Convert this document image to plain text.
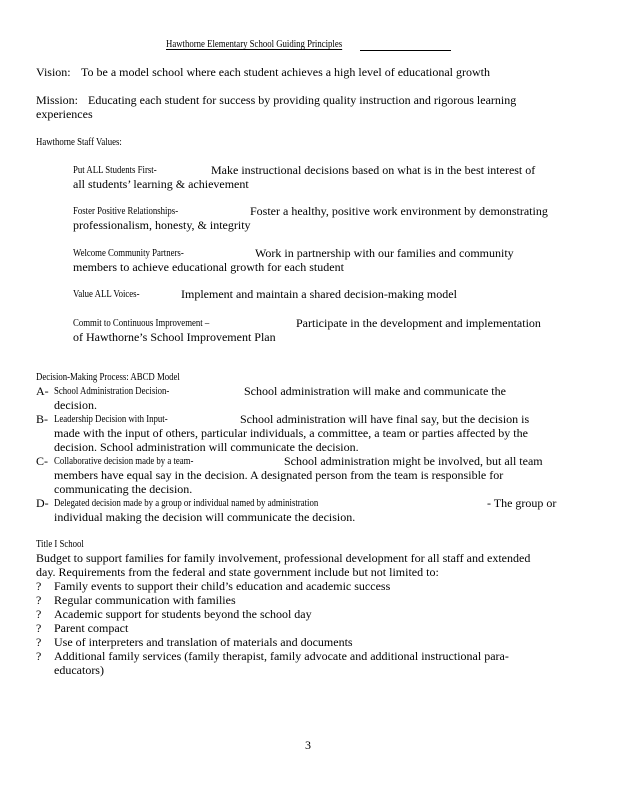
Hawthorne Elementary School Guiding Principles
Vision: To be a model school where each student achieves a high level of educational growth
Mission: Educating each student for success by providing quality instruction and rigorous learning
experiences
Hawthorne Staff Values:
Put ALL Students First-	Make instructional decisions based on what is in the best interest of
all students’ learning & achievement
Foster Positive Relationships-	Foster a healthy, positive work environment by demonstrating
professionalism, honesty, & integrity
Welcome Community Partners-	Work in partnership with our families and community
members to achieve educational growth for each student
Value ALL Voices-	Implement and maintain a shared decision-making model
Commit to Continuous Improvement –	Participate in the development and implementation
of Hawthorne’s School Improvement Plan
Decision-Making Process: ABCD Model
A- School Administration Decision-	School administration will make and communicate the
decision.
B- Leadership Decision with Input-	School administration will have final say, but the decision is
made with the input of others, particular individuals, a committee, a team or parties affected by the
decision. School administration will communicate the decision.
C- Collaborative decision made by a team-	School administration might be involved, but all team
members have equal say in the decision. A designated person from the team is responsible for
communicating the decision.
D- Delegated decision made by a group or individual named by administration	- The group or
individual making the decision will communicate the decision.
Title I School
Budget to support families for family involvement, professional development for all staff and extended
day. Requirements from the federal and state government include but not limited to:
? Family events to support their child’s education and academic success
? Regular communication with families
? Academic support for students beyond the school day
? Parent compact
? Use of interpreters and translation of materials and documents
? Additional family services (family therapist, family advocate and additional instructional para-
educators)
3
